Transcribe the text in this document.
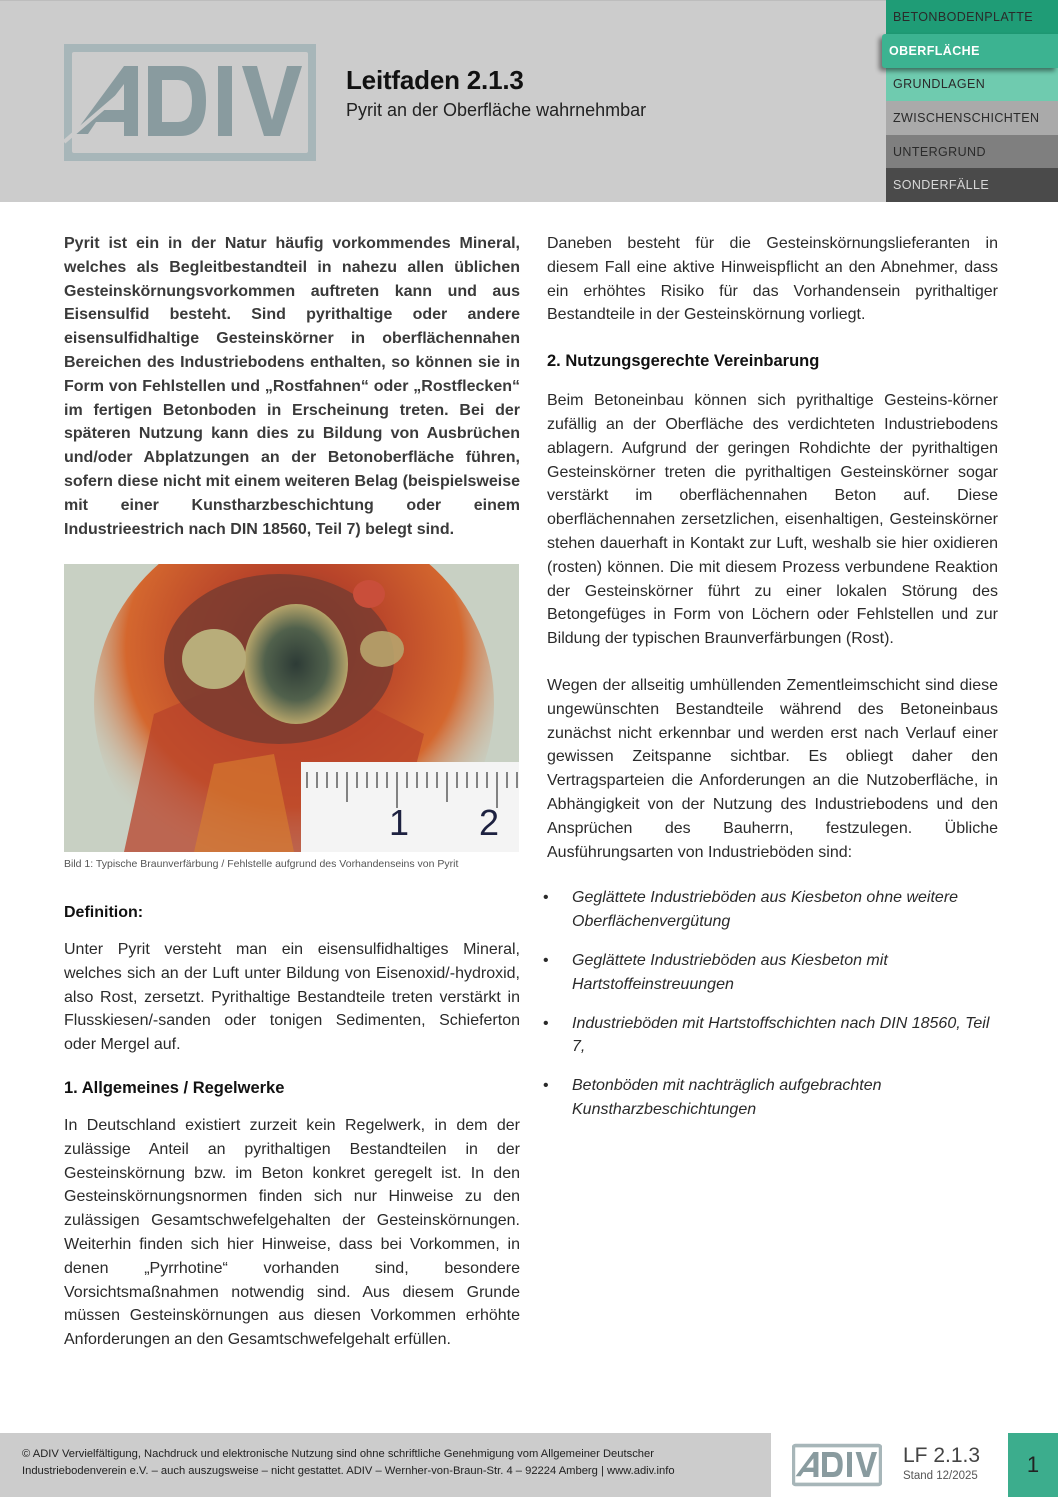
Leitfaden 2.1.3
Pyrit an der Oberfläche wahrnehmbar
BETONBODENPLATTE
OBERFLÄCHE
GRUNDLAGEN
ZWISCHENSCHICHTEN
UNTERGRUND
SONDERFÄLLE

Pyrit ist ein in der Natur häufig vorkommendes Mineral, welches als Begleitbestandteil in nahezu allen üblichen Gesteinskörnungsvorkommen auftreten kann und aus Eisensulfid besteht. Sind pyrithaltige oder andere eisensulfidhaltige Gesteinskörner in oberflächennahen Bereichen des Industriebodens enthalten, so können sie in Form von Fehlstellen und „Rostfahnen“ oder „Rostflecken“ im fertigen Betonboden in Erscheinung treten. Bei der späteren Nutzung kann dies zu Bildung von Ausbrüchen und/oder Abplatzungen an der Betonoberfläche führen, sofern diese nicht mit einem weiteren Belag (beispielsweise mit einer Kunstharzbeschichtung oder einem Industrieestrich nach DIN 18560, Teil 7) belegt sind.

1 2
Bild 1: Typische Braunverfärbung / Fehlstelle aufgrund des Vorhandenseins von Pyrit
Definition:

Unter Pyrit versteht man ein eisensulfidhaltiges Mineral, welches sich an der Luft unter Bildung von Eisenoxid/-hydroxid, also Rost, zersetzt. Pyrithaltige Bestandteile treten verstärkt in Flusskiesen/-sanden oder tonigen Sedimenten, Schieferton oder Mergel auf.

1. Allgemeines / Regelwerke

In Deutschland existiert zurzeit kein Regelwerk, in dem der zulässige Anteil an pyrithaltigen Bestandteilen in der Gesteinskörnung bzw. im Beton konkret geregelt ist. In den Gesteinskörnungsnormen finden sich nur Hinweise zu den zulässigen Gesamtschwefelgehalten der Gesteinskörnungen. Weiterhin finden sich hier Hinweise, dass bei Vorkommen, in denen „Pyrrhotine“ vorhanden sind, besondere Vorsichtsmaßnahmen notwendig sind. Aus diesem Grunde müssen Gesteinskörnungen aus diesen Vorkommen erhöhte Anforderungen an den Gesamtschwefelgehalt erfüllen.

Daneben besteht für die Gesteinskörnungslieferanten in diesem Fall eine aktive Hinweispflicht an den Abnehmer, dass ein erhöhtes Risiko für das Vorhandensein pyrithaltiger Bestandteile in der Gesteinskörnung vorliegt.

2. Nutzungsgerechte Vereinbarung

Beim Betoneinbau können sich pyrithaltige Gesteins-körner zufällig an der Oberfläche des verdichteten Industriebodens ablagern. Aufgrund der geringen Rohdichte der pyrithaltigen Gesteinskörner treten die pyrithaltigen Gesteinskörner sogar verstärkt im oberflächennahen Beton auf. Diese oberflächennahen zersetzlichen, eisenhaltigen, Gesteinskörner stehen dauerhaft in Kontakt zur Luft, weshalb sie hier oxidieren (rosten) können. Die mit diesem Prozess verbundene Reaktion der Gesteinskörner führt zu einer lokalen Störung des Betongefüges in Form von Löchern oder Fehlstellen und zur Bildung der typischen Braunverfärbungen (Rost).

Wegen der allseitig umhüllenden Zementleimschicht sind diese ungewünschten Bestandteile während des Betoneinbaus zunächst nicht erkennbar und werden erst nach Verlauf einer gewissen Zeitspanne sichtbar. Es obliegt daher den Vertragsparteien die Anforderungen an die Nutzoberfläche, in Abhängigkeit von der Nutzung des Industriebodens und den Ansprüchen des Bauherrn, festzulegen. Übliche Ausführungsarten von Industrieböden sind:

• Geglättete Industrieböden aus Kiesbeton ohne weitere Oberflächenvergütung
• Geglättete Industrieböden aus Kiesbeton mit Hartstoffeinstreuungen
• Industrieböden mit Hartstoffschichten nach DIN 18560, Teil 7,
• Betonböden mit nachträglich aufgebrachten Kunstharzbeschichtungen
© ADIV Vervielfältigung, Nachdruck und elektronische Nutzung sind ohne schriftliche Genehmigung vom Allgemeiner Deutscher
Industriebodenverein e.V. – auch auszugsweise – nicht gestattet. ADIV – Wernher-von-Braun-Str. 4 – 92224 Amberg | www.adiv.info
LF 2.1.3
Stand 12/2025	1
